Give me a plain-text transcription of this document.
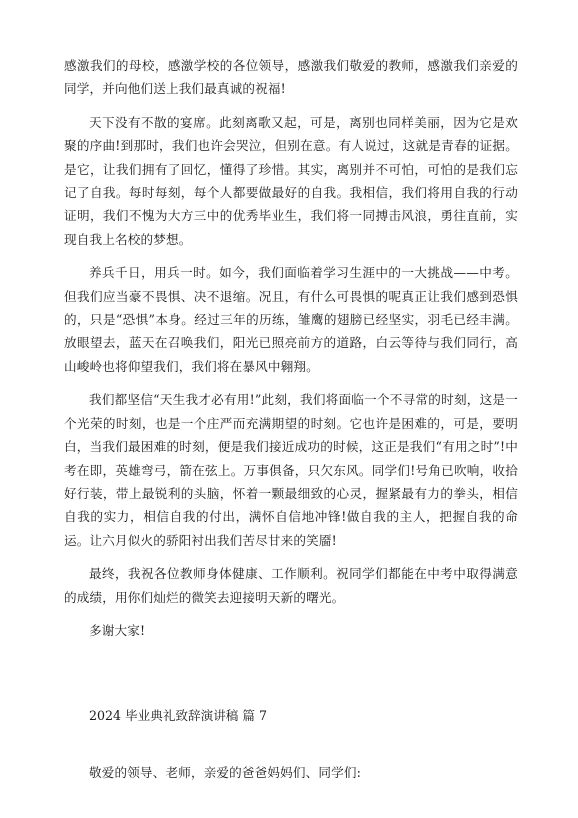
感激我们的母校，感激学校的各位领导，感激我们敬爱的教师，感激我们亲爱的同学，并向他们送上我们最真诚的祝福!

天下没有不散的宴席。此刻离歌又起，可是，离别也同样美丽，因为它是欢聚的序曲!到那时，我们也许会哭泣，但别在意。有人说过，这就是青春的证据。是它，让我们拥有了回忆，懂得了珍惜。其实，离别并不可怕，可怕的是我们忘记了自我。每时每刻，每个人都要做最好的自我。我相信，我们将用自我的行动证明，我们不愧为大方三中的优秀毕业生，我们将一同搏击风浪，勇往直前，实现自我上名校的梦想。

养兵千日，用兵一时。如今，我们面临着学习生涯中的一大挑战——中考。但我们应当豪不畏惧、决不退缩。况且，有什么可畏惧的呢真正让我们感到恐惧的，只是“恐惧”本身。经过三年的历练，雏鹰的翅膀已经坚实，羽毛已经丰满。放眼望去，蓝天在召唤我们，阳光已照亮前方的道路，白云等待与我们同行，高山峻岭也将仰望我们，我们将在暴风中翱翔。

我们都坚信“天生我才必有用!”此刻，我们将面临一个不寻常的时刻，这是一个光荣的时刻，也是一个庄严而充满期望的时刻。它也许是困难的，可是，要明白，当我们最困难的时刻，便是我们接近成功的时候，这正是我们“有用之时”!中考在即，英雄弯弓，箭在弦上。万事俱备，只欠东风。同学们!号角已吹响，收拾好行装，带上最锐利的头脑，怀着一颗最细致的心灵，握紧最有力的拳头，相信自我的实力，相信自我的付出，满怀自信地冲锋!做自我的主人，把握自我的命运。让六月似火的骄阳衬出我们苦尽甘来的笑靥!

最终，我祝各位教师身体健康、工作顺利。祝同学们都能在中考中取得满意的成绩，用你们灿烂的微笑去迎接明天新的曙光。

多谢大家!

2024 毕业典礼致辞演讲稿 篇 7

敬爱的领导、老师，亲爱的爸爸妈妈们、同学们:
